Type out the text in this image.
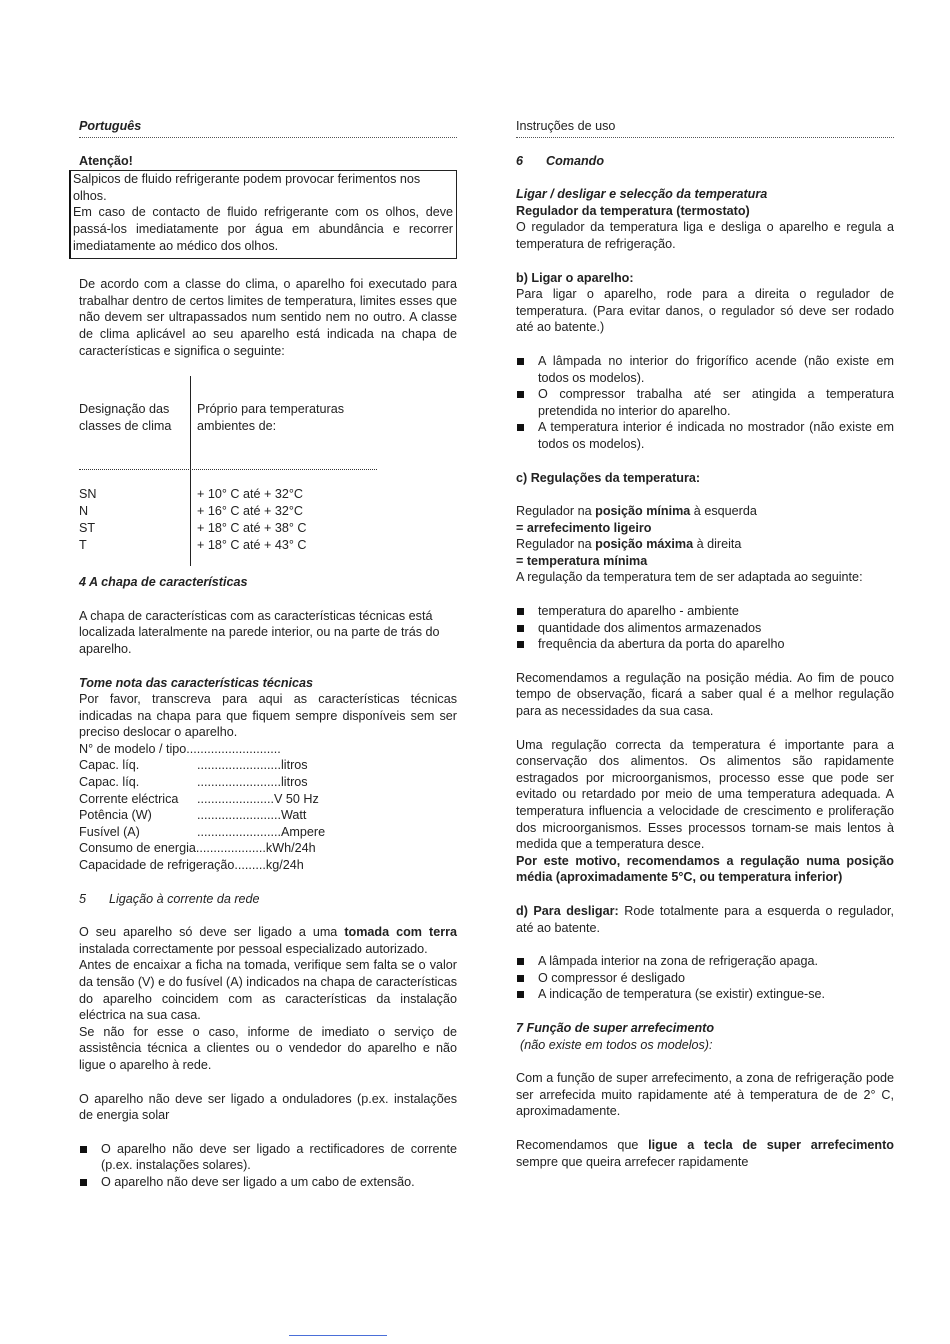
Português

Atenção!

Salpicos de fluido refrigerante podem provocar ferimentos nos olhos.

Em caso de contacto de fluido refrigerante com os olhos, deve passá-los imediatamente por água em abundância e recorrer imediatamente ao médico dos olhos.

De acordo com a classe do clima, o aparelho foi executado para trabalhar dentro de certos limites de temperatura, limites esses que não devem ser ultrapassados num sentido nem no outro. A classe de clima aplicável ao seu aparelho está indicada na chapa de características e significa o seguinte:

Designação das classes de clima
Próprio para temperaturas ambientes de:
SN	+ 10° C até + 32°C
N	+ 16° C até + 32°C
ST	+ 18° C até + 38° C
T	+ 18° C até + 43° C

4 A chapa de características

A chapa de características com as características técnicas está localizada lateralmente na parede interior, ou na parte de trás do aparelho.

Tome nota das características técnicas

Por favor, transcreva para aqui as características técnicas indicadas na chapa para que fiquem sempre disponíveis sem ser preciso deslocar o aparelho.

N° de modelo / tipo ...........................
Capac. líq.	........................ litros
Capac. líq.	........................ litros
Corrente eléctrica	...................... V 50 Hz
Potência (W)	........................ Watt
Fusível (A)	........................ Ampere

Consumo de energia....................kWh/24h

Capacidade de refrigeração.........kg/24h

5 Ligação à corrente da rede

O seu aparelho só deve ser ligado a uma tomada com terra instalada correctamente por pessoal especializado autorizado.

Antes de encaixar a ficha na tomada, verifique sem falta se o valor da tensão (V) e do fusível (A) indicados na chapa de características do aparelho coincidem com as características da instalação eléctrica na sua casa.

Se não for esse o caso, informe de imediato o serviço de assistência técnica a clientes ou o vendedor do aparelho e não ligue o aparelho à rede.

O aparelho não deve ser ligado a onduladores (p.ex. instalações de energia solar

O aparelho não deve ser ligado a rectificadores de corrente (p.ex. instalações solares).
O aparelho não deve ser ligado a um cabo de extensão.
Instruções de uso

6 Comando

Ligar / desligar e selecção da temperatura

Regulador da temperatura (termostato)

O regulador da temperatura liga e desliga o aparelho e regula a temperatura de refrigeração.

b) Ligar o aparelho:

Para ligar o aparelho, rode para a direita o regulador de temperatura. (Para evitar danos, o regulador só deve ser rodado até ao batente.)

A lâmpada no interior do frigorífico acende (não existe em todos os modelos).
O compressor trabalha até ser atingida a temperatura pretendida no interior do aparelho.
A temperatura interior é indicada no mostrador (não existe em todos os modelos).

c) Regulações da temperatura:

Regulador na posição mínima à esquerda

= arrefecimento ligeiro

Regulador na posição máxima à direita

= temperatura mínima

A regulação da temperatura tem de ser adaptada ao seguinte:

temperatura do aparelho - ambiente
quantidade dos alimentos armazenados
frequência da abertura da porta do aparelho

Recomendamos a regulação na posição média. Ao fim de pouco tempo de observação, ficará a saber qual é a melhor regulação para as necessidades da sua casa.

Uma regulação correcta da temperatura é importante para a conservação dos alimentos. Os alimentos são rapidamente estragados por microorganismos, processo esse que pode ser evitado ou retardado por meio de uma temperatura adequada. A temperatura influencia a velocidade de crescimento e proliferação dos microorganismos. Esses processos tornam-se mais lentos à medida que a temperatura desce.

Por este motivo, recomendamos a regulação numa posição média (aproximadamente 5°C, ou temperatura inferior)

d) Para desligar: Rode totalmente para a esquerda o regulador, até ao batente.

A lâmpada interior na zona de refrigeração apaga.
O compressor é desligado
A indicação de temperatura (se existir) extingue-se.

7 Função de super arrefecimento

(não existe em todos os modelos):

Com a função de super arrefecimento, a zona de refrigeração pode ser arrefecida muito rapidamente até à temperatura de de 2° C, aproximadamente.

Recomendamos que ligue a tecla de super arrefecimento sempre que queira arrefecer rapidamente
